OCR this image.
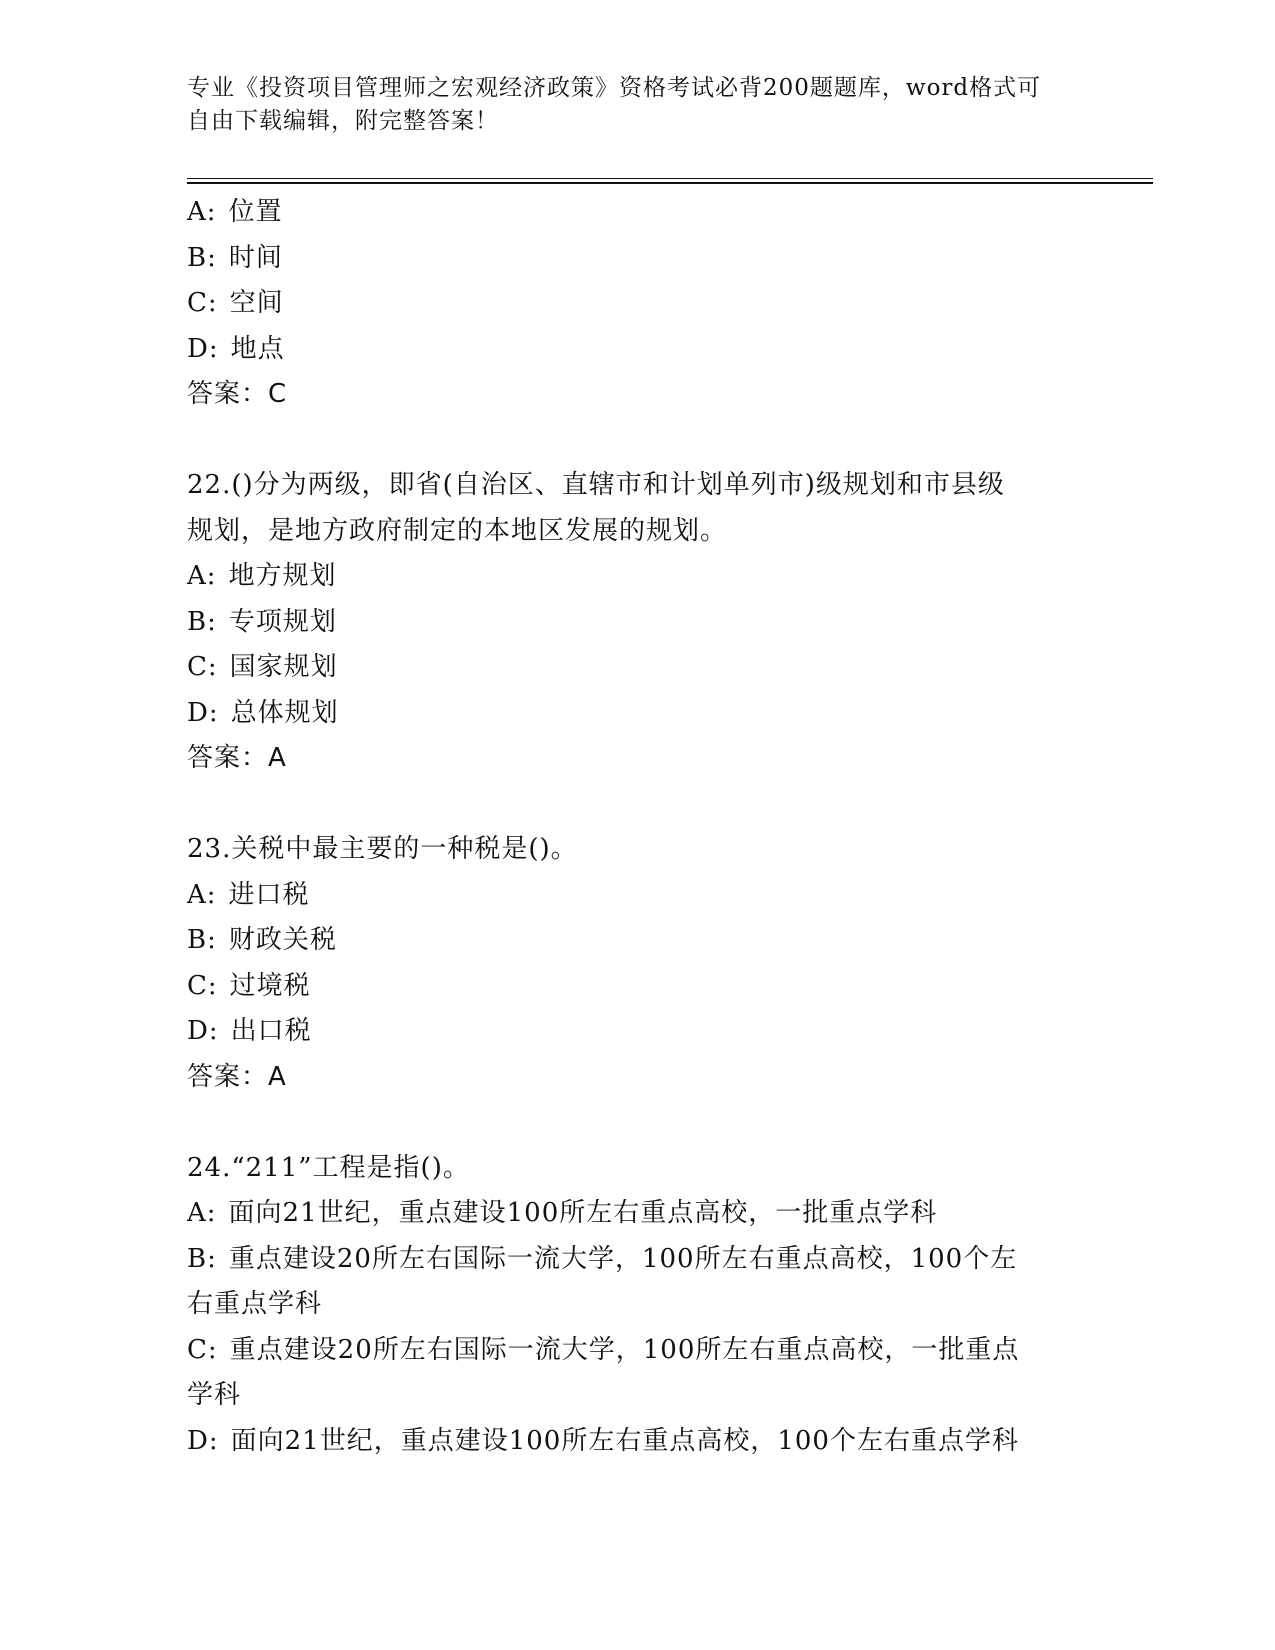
专业《投资项目管理师之宏观经济政策》资格考试必背200题题库，word格式可
自由下载编辑，附完整答案！
A: 位置
B: 时间
C: 空间
D: 地点
答案：C
22.()分为两级，即省(自治区、直辖市和计划单列市)级规划和市县级
规划，是地方政府制定的本地区发展的规划。
A: 地方规划
B: 专项规划
C: 国家规划
D: 总体规划
答案：A
23.关税中最主要的一种税是()。
A: 进口税
B: 财政关税
C: 过境税
D: 出口税
答案：A
24.“211”工程是指()。
A: 面向21世纪，重点建设100所左右重点高校，一批重点学科
B: 重点建设20所左右国际一流大学，100所左右重点高校，100个左
右重点学科
C: 重点建设20所左右国际一流大学，100所左右重点高校，一批重点
学科
D: 面向21世纪，重点建设100所左右重点高校，100个左右重点学科
